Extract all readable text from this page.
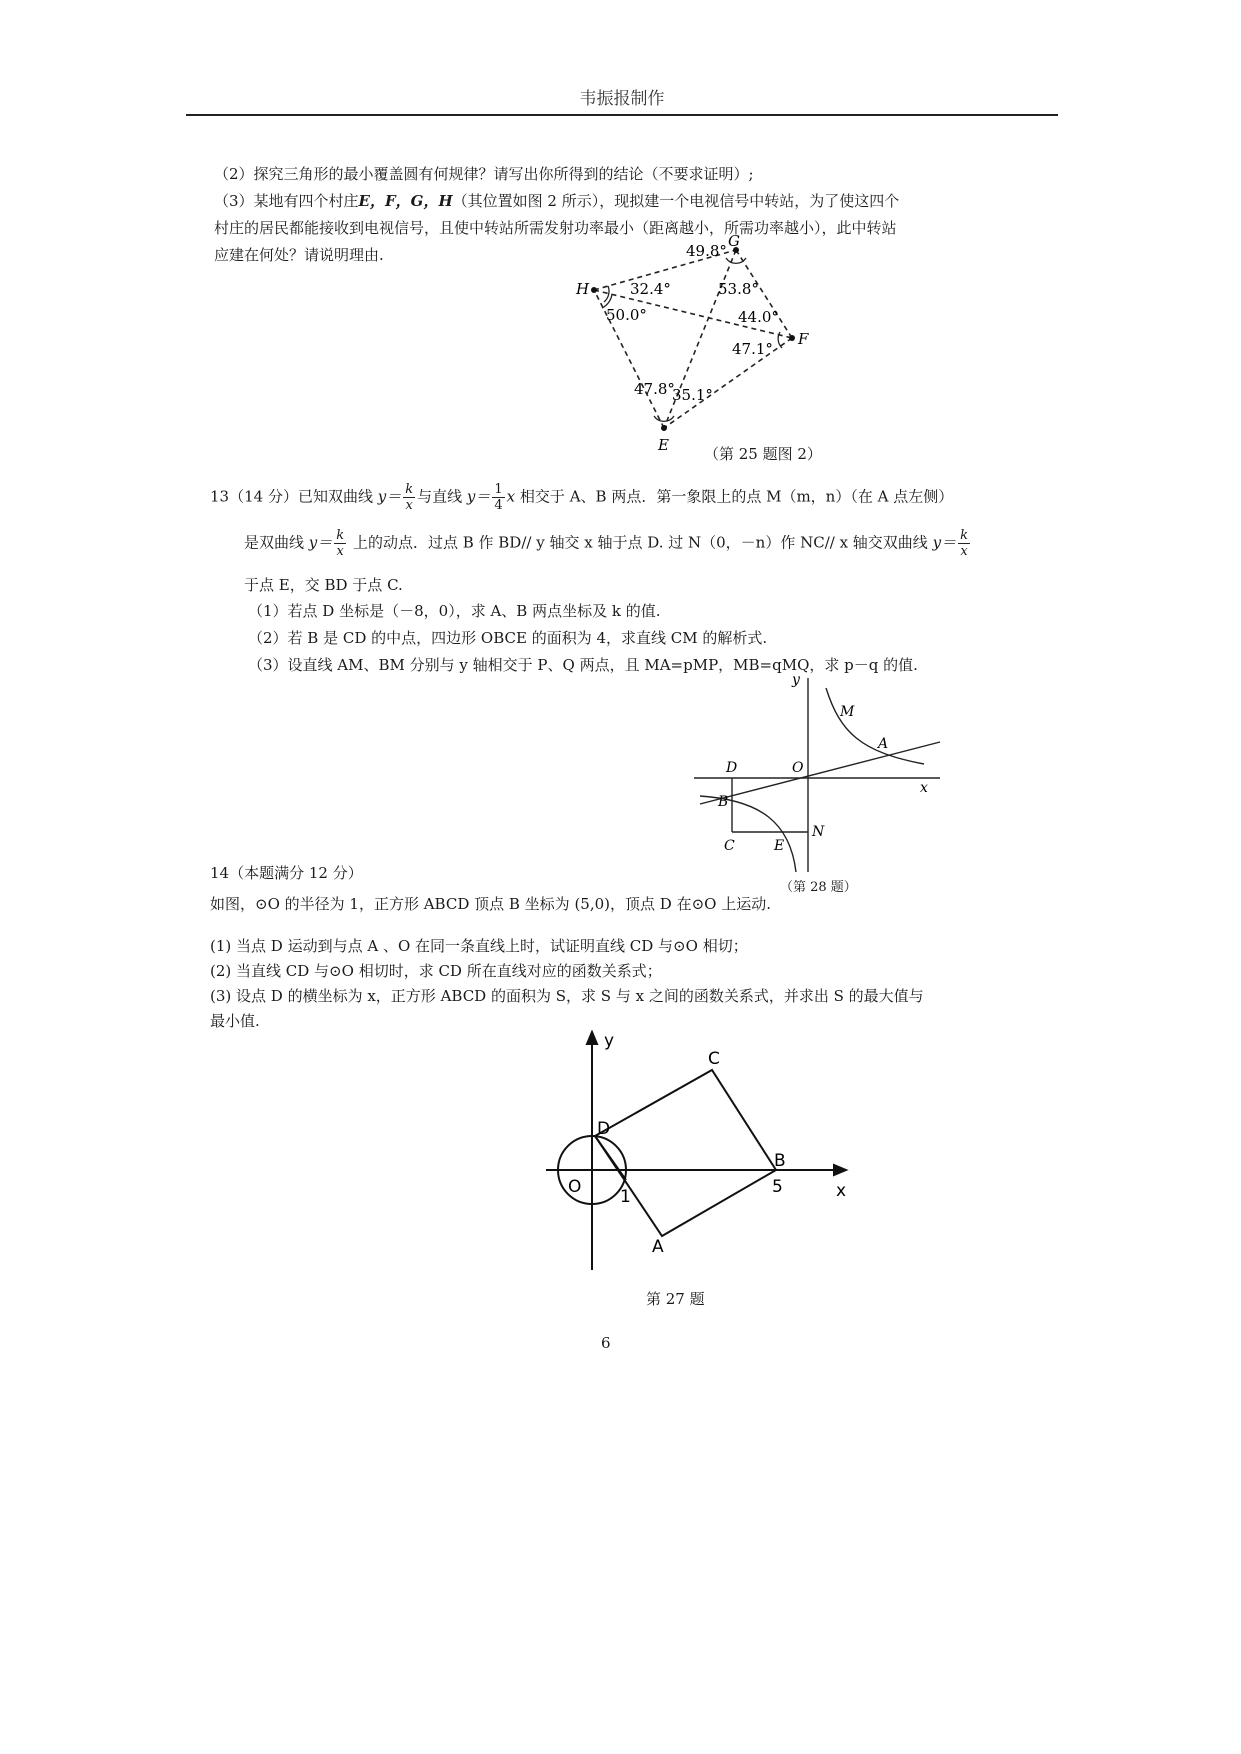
韦振报制作
（2）探究三角形的最小覆盖圆有何规律？请写出你所得到的结论（不要求证明）;
（3）某地有四个村庄E，F，G，H（其位置如图 2 所示），现拟建一个电视信号中转站，为了使这四个
村庄的居民都能接收到电视信号，且使中转站所需发射功率最小（距离越小，所需功率越小），此中转站
应建在何处？请说明理由.
H
G
F
E
49.8°
32.4°	53.8°
50.0°	44.0°
47.1°
47.8°
35.1°
（第 25 题图 2）
13（14 分）已知双曲线 $y= \frac{k}{x}$ 与直线 $y= \frac{1}{4}$ x 相交于 A、B 两点．第一象限上的点 M（m，n）（在 A 点左侧）
是双曲线 $y= \frac{k}{x}$ 上的动点．过点 B 作 BD// y 轴交 x 轴于点 D. 过 N（0，－n）作 NC// x 轴交双曲线 $y= \frac{k}{x}$
于点 E，交 BD 于点 C.
（1）若点 D 坐标是（－8，0），求 A、B 两点坐标及 k 的值.
（2）若 B 是 CD 的中点，四边形 OBCE 的面积为 4，求直线 CM 的解析式.
（3）设直线 AM、BM 分别与 y 轴相交于 P、Q 两点，且 MA=pMP，MB=qMQ，求 p－q 的值.
y
x
M
A
D	O
B
C	E
N
（第 28 题）
14（本题满分 12 分）
如图，⊙O 的半径为 1，正方形 ABCD 顶点 B 坐标为 (5,0)，顶点 D 在⊙O 上运动.
(1) 当点 D 运动到与点 A 、O 在同一条直线上时，试证明直线 CD 与⊙O 相切；
(2) 当直线 CD 与⊙O 相切时，求 CD 所在直线对应的函数关系式；
(3) 设点 D 的横坐标为 x，正方形 ABCD 的面积为 S，求 S 与 x 之间的函数关系式，并求出 S 的最大值与
最小值.
y
x
O
D
C
B
A
1	5
第 27 题
6
